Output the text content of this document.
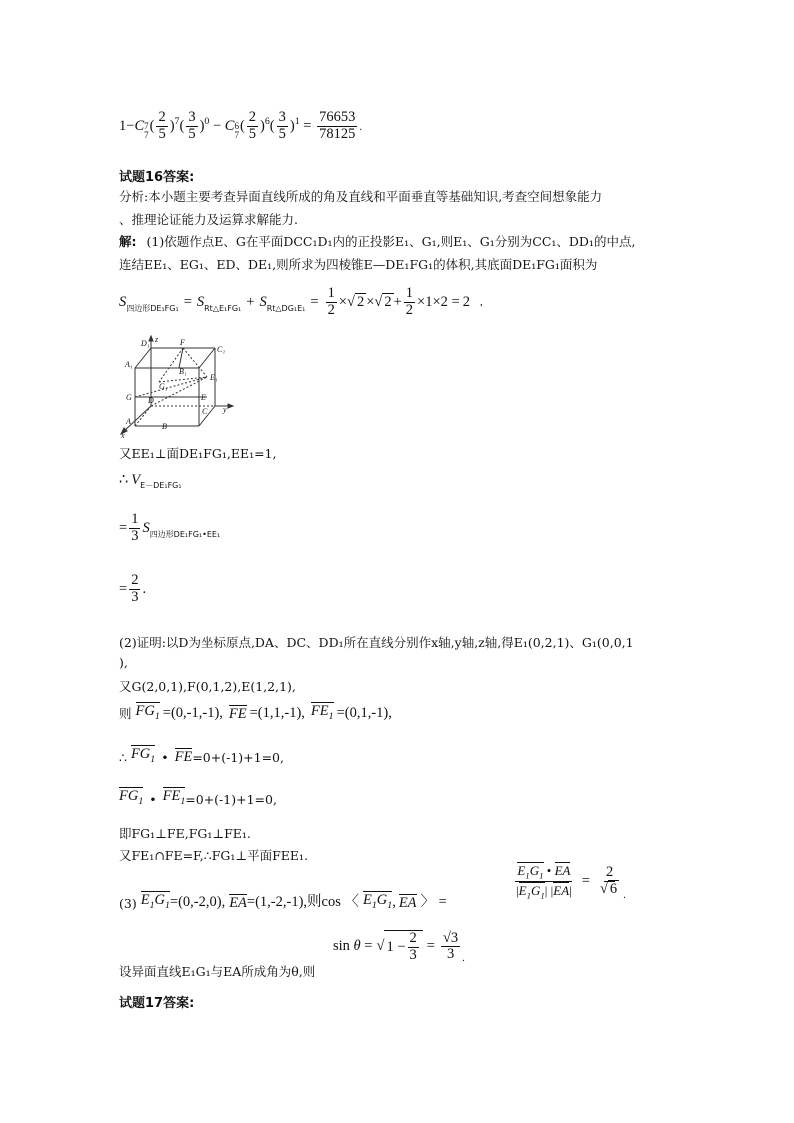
1−C 7
7
( $\frac{2}{5} )^7( \frac{3}{5} )^0 - C$ 6
7
( $\frac{2}{5} )^6( \frac{3}{5} )^1 = \frac{76653}{78125}$ .
试题16答案:
分析:本小题主要考查异面直线所成的角及直线和平面垂直等基础知识,考查空间想象能力
、推理论证能力及运算求解能力.
解: (1)依题作点E、G在平面DCC₁D₁内的正投影E₁、G₁,则E₁、G₁分别为CC₁、DD₁的中点,
连结EE₁、EG₁、ED、DE₁,则所求为四棱锥E—DE₁FG₁的体积,其底面DE₁FG₁面积为
S 四边形DE₁FG₁ = S Rt△E₁FG₁ + S Rt△DG₁E₁ = $\frac{1}{2}$ ×√ 2 ×√ $2 + \frac{1}{2} \times 1\times 2 = 2$ ,
D₁	F
C₁
A₁
B₁
E₁
G₁
G D	E
A
B
C y
z
x
又EE₁⊥面DE₁FG₁,EE₁=1,
∴ V E－DE₁FG₁
= $\frac{1}{3}$ S 四边形DE₁FG₁ •EE₁
= $\frac{2}{3}$ .
(2)证明:以D为坐标原点,DA、DC、DD₁所在直线分别作x轴,y轴,z轴,得E₁(0,2,1)、G₁(0,0,1
),
又G(2,0,1),F(0,1,2),E(1,2,1),
则 $FG_1 =(0,-1,-1)$, FE =(1,1,-1), $FE_1 =(0,1,-1)$,
∴ $FG_1$ • FE =0+(-1)+1=0,
$FG_1$ • $FE_1 =0+(-1)+1=0$,
即FG₁⊥FE,FG₁⊥FE₁.
又FE₁∩FE=F,∴FG₁⊥平面FEE₁.
(3) $E_1G_1 =(0,-2,0)$, EA =(1,-2,-1),则cos 〈 $E_1G_1$ , EA 〉 =
$\frac{E_1G_1 • EA}{|E_1G_1| |EA|} = \frac{2}{√ 6}$ .
设异面直线E₁G₁与EA所成角为θ,则
sin θ = √ $1 - \frac{2}{3} = \frac{√3}{3}$ .
试题17答案:
